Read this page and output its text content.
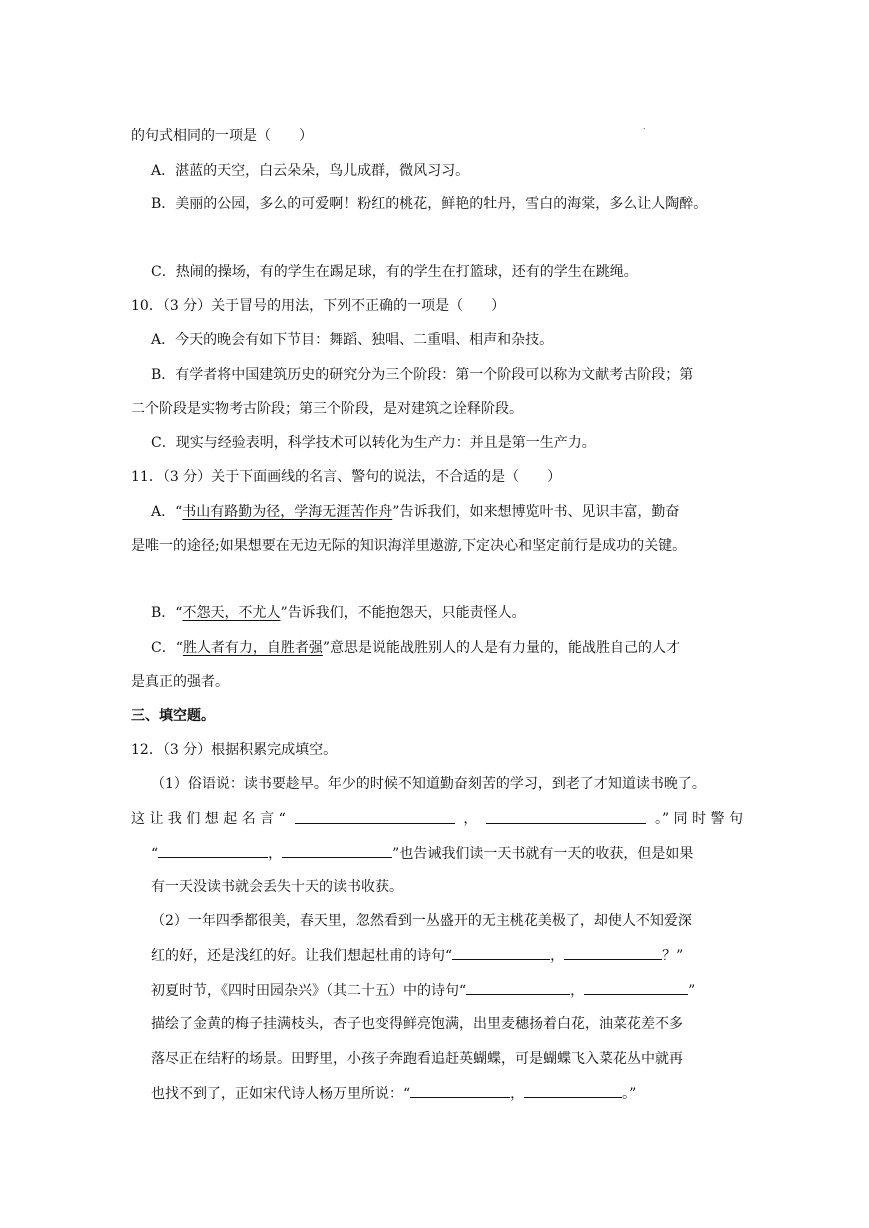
.
的句式相同的一项是（　　）
A．湛蓝的天空，白云朵朵，鸟儿成群，微风习习。
B．美丽的公园，多么的可爱啊！粉红的桃花，鲜艳的牡丹，雪白的海棠，多么让人陶醉。
C．热闹的操场，有的学生在踢足球，有的学生在打篮球，还有的学生在跳绳。
10．（3 分）关于冒号的用法，下列不正确的一项是（　　）
A．今天的晚会有如下节目：舞蹈、独唱、二重唱、相声和杂技。
B．有学者将中国建筑历史的研究分为三个阶段：第一个阶段可以称为文献考古阶段；第
二个阶段是实物考古阶段；第三个阶段，是对建筑之诠释阶段。
C．现实与经验表明，科学技术可以转化为生产力：并且是第一生产力。
11．（3 分）关于下面画线的名言、警句的说法，不合适的是（　　）
A．“书山有路勤为径，学海无涯苦作舟”告诉我们，如来想博览叶书、见识丰富，勤奋
是唯一的途径;如果想要在无边无际的知识海洋里遨游,下定决心和坚定前行是成功的关键。
B．“不怨天，不尤人”告诉我们，不能抱怨天，只能责怪人。
C．“胜人者有力，自胜者强”意思是说能战胜别人的人是有力量的，能战胜自己的人才
是真正的强者。
三、填空题。
12．（3 分）根据积累完成填空。
（1）俗语说：读书要趁早。年少的时候不知道勤奋刻苦的学习，到老了才知道读书晚了。
这 让 我 们 想 起 名 言 “	，	。” 同 时 警 句
“	，	”也告诫我们读一天书就有一天的收获，但是如果
有一天没读书就会丢失十天的读书收获。
（2）一年四季都很美，春天里，忽然看到一丛盛开的无主桃花美极了，却使人不知爱深
红的好，还是浅红的好。让我们想起杜甫的诗句“	，	？”
初夏时节，《四时田园杂兴》（其二十五）中的诗句“	，	”
描绘了金黄的梅子挂满枝头，杏子也变得鲜亮饱满，出里麦穗扬着白花，油菜花差不多
落尽正在结籽的场景。田野里，小孩子奔跑看追赶英蝴蝶，可是蝴蝶飞入菜花丛中就再
也找不到了，正如宋代诗人杨万里所说：“	，	。”
